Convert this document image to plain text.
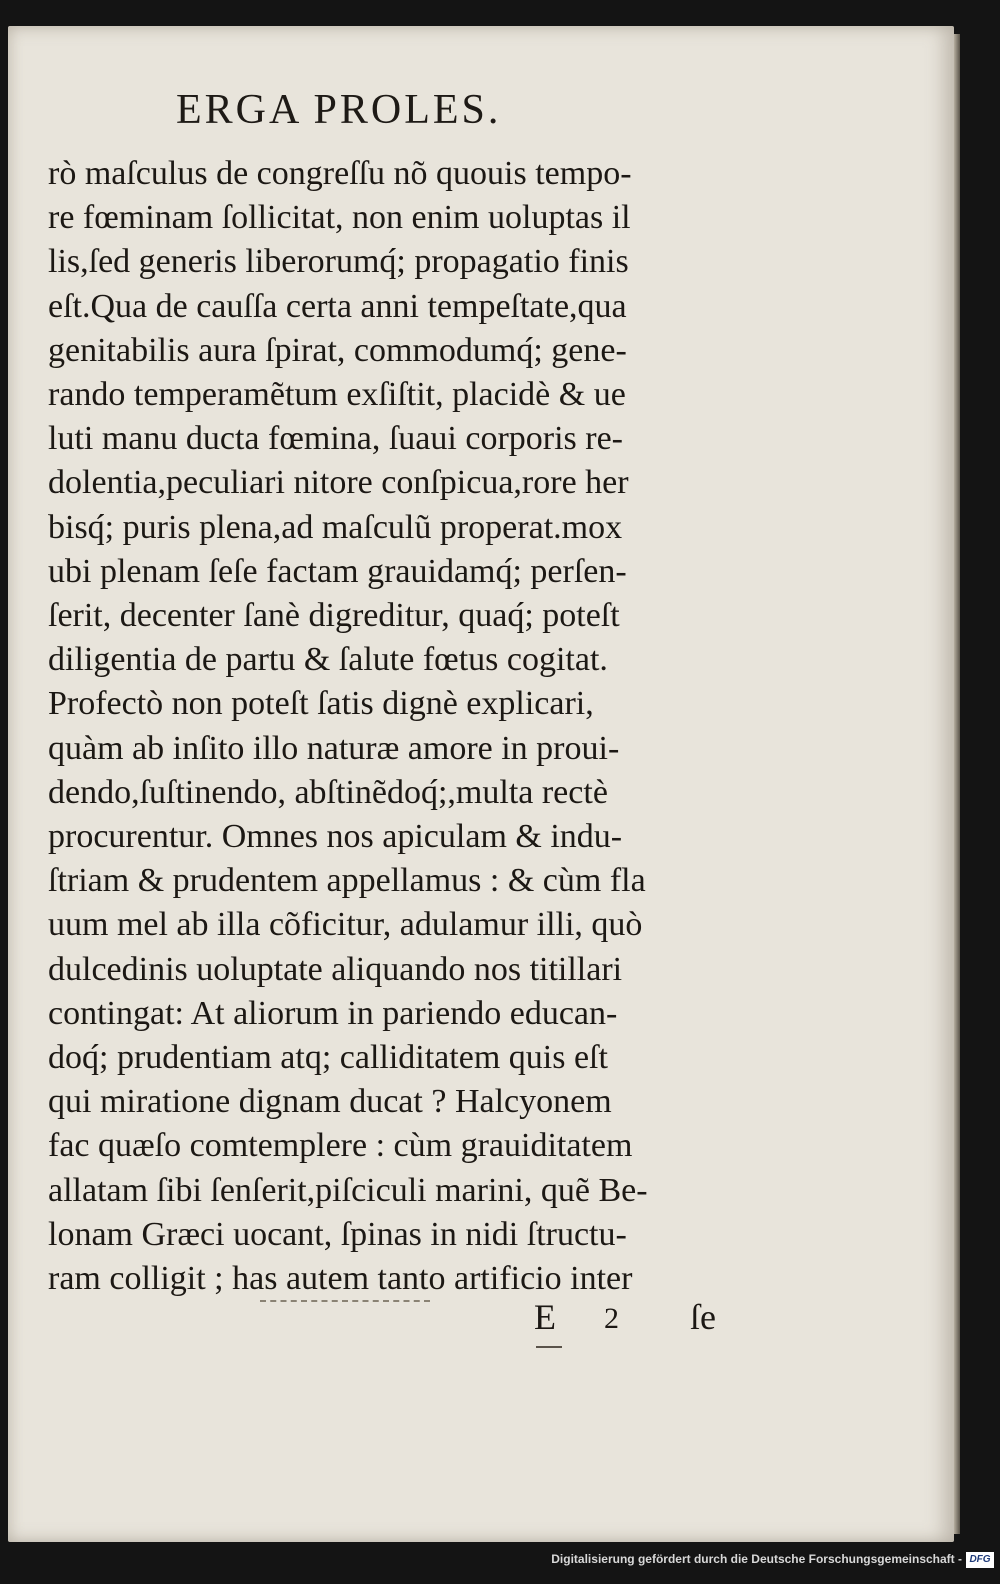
ERGA PROLES.
rò maſculus de congreſſu nõ quouis tempo-
re fœminam ſollicitat, non enim uoluptas il
lis,ſed generis liberorumq́; propagatio finis
eſt.Qua de cauſſa certa anni tempeſtate,qua
genitabilis aura ſpirat, commodumq́; gene-
rando temperamẽtum exſiſtit, placidè & ue
luti manu ducta fœmina, ſuaui corporis re-
dolentia,peculiari nitore conſpicua,rore her
bisq́; puris plena,ad maſculũ properat.mox
ubi plenam ſeſe factam grauidamq́; perſen-
ſerit, decenter ſanè digreditur, quaq́; poteſt
diligentia de partu & ſalute fœtus cogitat.
Profectò non poteſt ſatis dignè explicari,
quàm ab inſito illo naturæ amore in proui-
dendo,ſuſtinendo, abſtinẽdoq́;,multa rectè
procurentur. Omnes nos apiculam & indu-
ſtriam & prudentem appellamus : & cùm fla
uum mel ab illa cõficitur, adulamur illi, quò
dulcedinis uoluptate aliquando nos titillari
contingat: At aliorum in pariendo educan-
doq́; prudentiam atq; calliditatem quis eſt
qui miratione dignam ducat ? Halcyonem
fac quæſo comtemplere : cùm grauiditatem
allatam ſibi ſenſerit,piſciculi marini, quẽ Be-
lonam Græci uocant, ſpinas in nidi ſtructu-
ram colligit ; has autem tanto artificio inter
E 2 ſe
Digitalisierung gefördert durch die Deutsche Forschungsgemeinschaft - DFG
